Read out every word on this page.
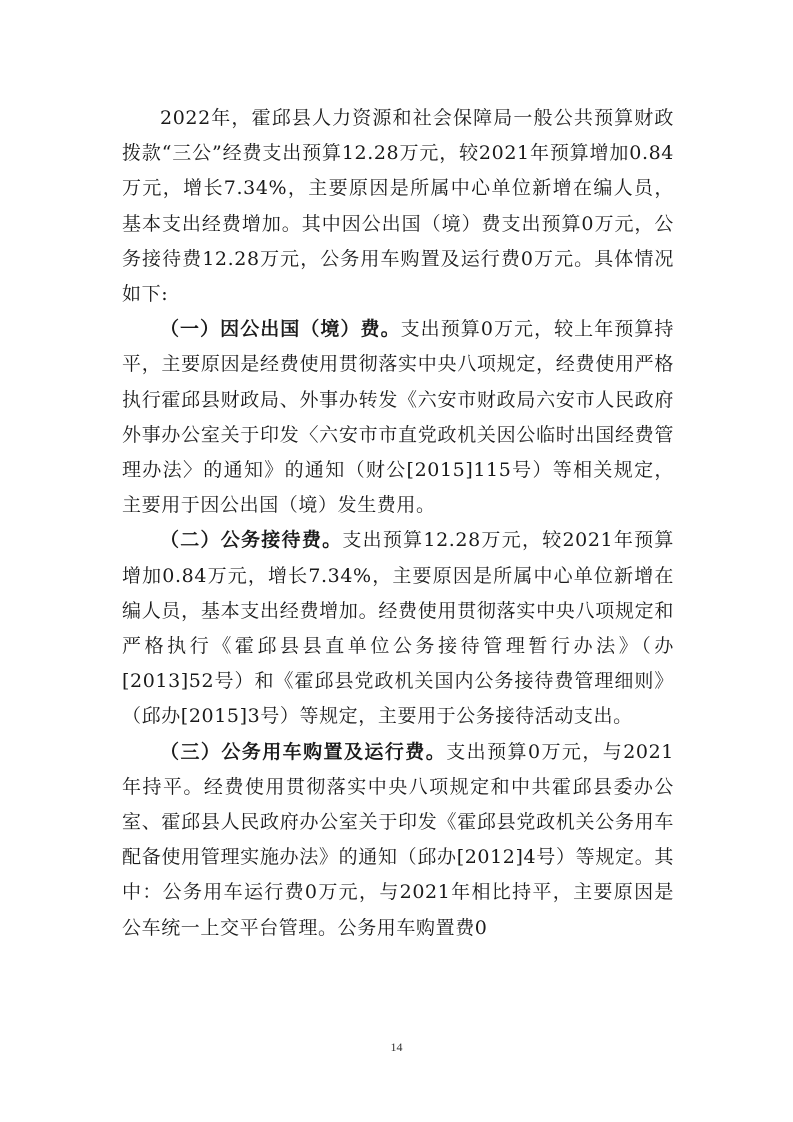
2022年，霍邱县人力资源和社会保障局一般公共预算财政拨款“三公”经费支出预算12.28万元，较2021年预算增加0.84万元，增长7.34%，主要原因是所属中心单位新增在编人员，基本支出经费增加。其中因公出国（境）费支出预算0万元，公务接待费12.28万元，公务用车购置及运行费0万元。具体情况如下:

（一）因公出国（境）费。支出预算0万元，较上年预算持平，主要原因是经费使用贯彻落实中央八项规定，经费使用严格执行霍邱县财政局、外事办转发《六安市财政局六安市人民政府外事办公室关于印发〈六安市市直党政机关因公临时出国经费管理办法〉的通知》的通知（财公[2015]115号）等相关规定，主要用于因公出国（境）发生费用。

（二）公务接待费。支出预算12.28万元，较2021年预算增加0.84万元，增长7.34%，主要原因是所属中心单位新增在编人员，基本支出经费增加。经费使用贯彻落实中央八项规定和严格执行《霍邱县县直单位公务接待管理暂行办法》（办[2013]52号）和《霍邱县党政机关国内公务接待费管理细则》（邱办[2015]3号）等规定，主要用于公务接待活动支出。

（三）公务用车购置及运行费。支出预算0万元，与2021年持平。经费使用贯彻落实中央八项规定和中共霍邱县委办公室、霍邱县人民政府办公室关于印发《霍邱县党政机关公务用车配备使用管理实施办法》的通知（邱办[2012]4号）等规定。其中：公务用车运行费0万元，与2021年相比持平，主要原因是公车统一上交平台管理。公务用车购置费0

14
